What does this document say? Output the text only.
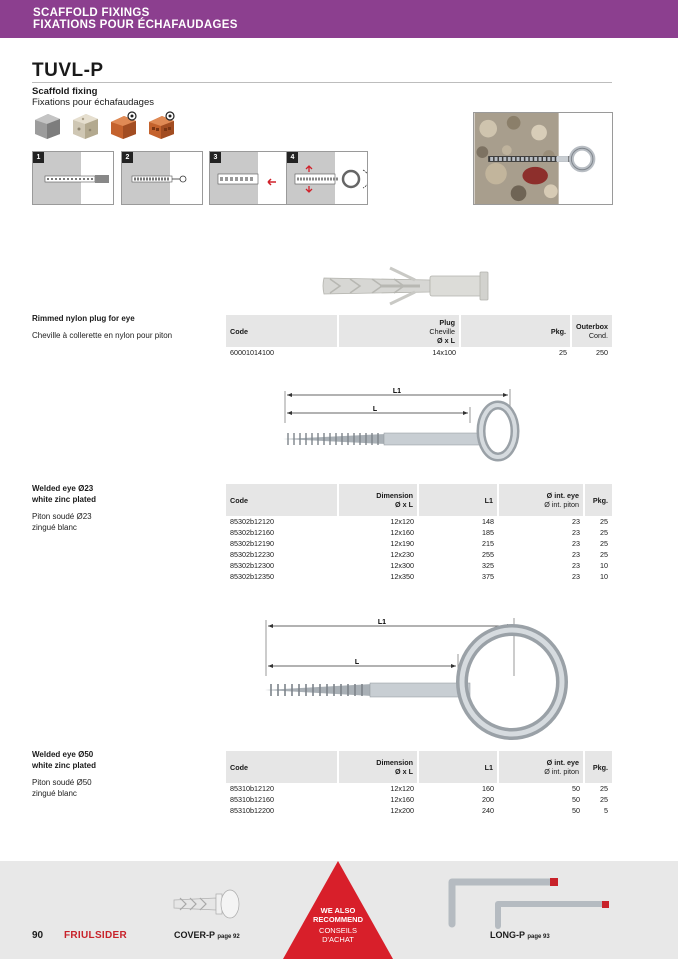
SCAFFOLD FIXINGS
FIXATIONS POUR ÉCHAFAUDAGES
TUVL-P
Scaffold fixing
Fixations pour échafaudages
1	2	3	4
Rimmed nylon plug for eye
Cheville à collerette en nylon pour piton	Code	Plug
Cheville
Ø x L	Pkg.	Outerbox
Cond.

60001014100	14x100	25	250
L1
L
Welded eye Ø23
white zinc plated
Piton soudé Ø23
zingué blanc
Code	Dimension
Ø x L	L1	Ø int. eye
Ø int. piton	Pkg.
85302b12120	12x120	148	23	25
85302b12160	12x160	185	23	25
85302b12190	12x190	215	23	25
85302b12230	12x230	255	23	25
85302b12300	12x300	325	23	10
85302b12350	12x350	375	23	10
L1
L
Welded eye Ø50
white zinc plated
Piton soudé Ø50
zingué blanc
Code	Dimension
Ø x L	L1	Ø int. eye
Ø int. piton	Pkg.
85310b12120	12x120	160	50	25
85310b12160	12x160	200	50	25
85310b12200	12x200	240	50	5
WE ALSO
RECOMMEND
CONSEILS
D'ACHAT
COVER-P page 92	LONG-P page 93
90 FRIULSIDER
